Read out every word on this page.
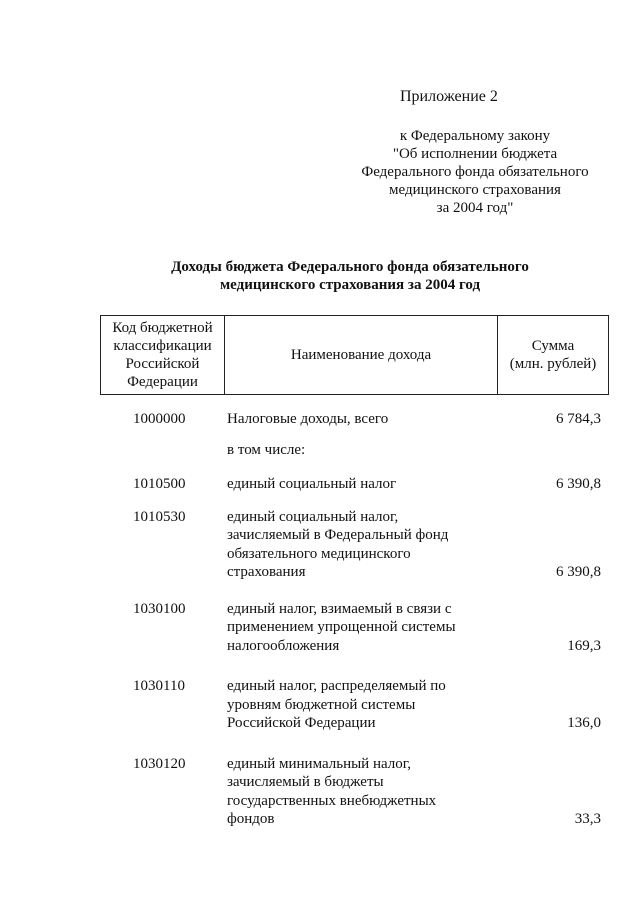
Приложение 2
к Федеральному закону
"Об исполнении бюджета
Федерального фонда обязательного
медицинского страхования
за 2004 год"
Доходы бюджета Федерального фонда обязательного
медицинского страхования за 2004 год
Код бюджетной
классификации
Российской
Федерации
Наименование дохода
Сумма
(млн. рублей)
1000000	Налоговые доходы, всего	6 784,3
в том числе:
1010500	единый социальный налог	6 390,8
1010530	единый социальный налог,
зачисляемый в Федеральный фонд
обязательного медицинского
страхования	6 390,8
1030100	единый налог, взимаемый в связи с
применением упрощенной системы
налогообложения	169,3
1030110	единый налог, распределяемый по
уровням бюджетной системы
Российской Федерации	136,0
1030120	единый минимальный налог,
зачисляемый в бюджеты
государственных внебюджетных
фондов	33,3
